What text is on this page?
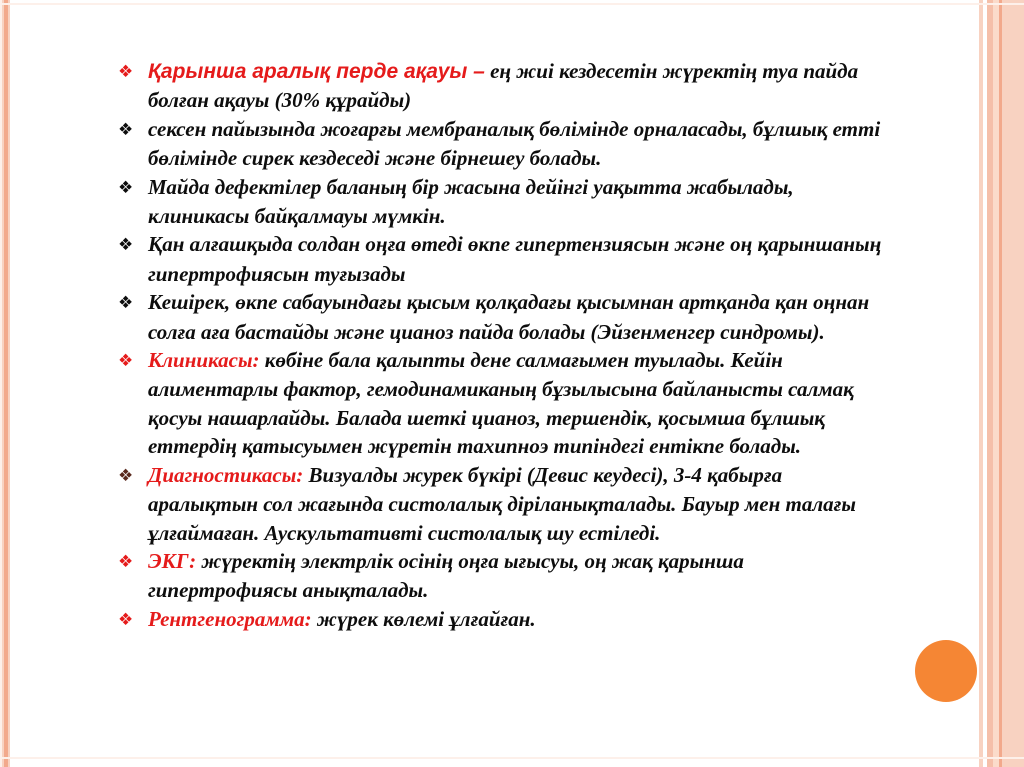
❖ Қарынша аралық перде ақауы – ең жиі кездесетін жүректің туа пайда болған ақауы (30% құрайды)
❖ сексен пайызында жоғарғы мембраналық бөлімінде орналасады, бұлшық етті бөлімінде сирек кездеседі және бірнешеу болады.
❖ Майда дефектілер баланың бір жасына дейінгі уақытта жабылады, клиникасы байқалмауы мүмкін.
❖ Қан алғашқыда солдан оңға өтеді өкпе гипертензиясын және оң қарыншаның гипертрофиясын туғызады
❖ Кешірек, өкпе сабауындағы қысым қолқадағы қысымнан артқанда қан оңнан солға аға бастайды және цианоз пайда болады (Эйзенменгер синдромы).
❖ Клиникасы: көбіне бала қалыпты дене салмағымен туылады. Кейін алиментарлы фактор, гемодинамиканың бұзылысына байланысты салмақ қосуы нашарлайды. Балада шеткі цианоз, тершендік, қосымша бұлшық еттердің қатысуымен жүретін тахипноэ типіндегі ентікпе болады.
❖ Диагностикасы: Визуалды журек бүкірі (Девис кеудесі), 3-4 қабырға аралықтын сол жағында систолалық діріланықталады. Бауыр мен талағы ұлғаймаған. Аускультативті систолалық шу естіледі.
❖ ЭКГ: жүректің электрлік осінің оңға ығысуы, оң жақ қарынша гипертрофиясы анықталады.
❖ Рентгенограмма: жүрек көлемі ұлғайған.
